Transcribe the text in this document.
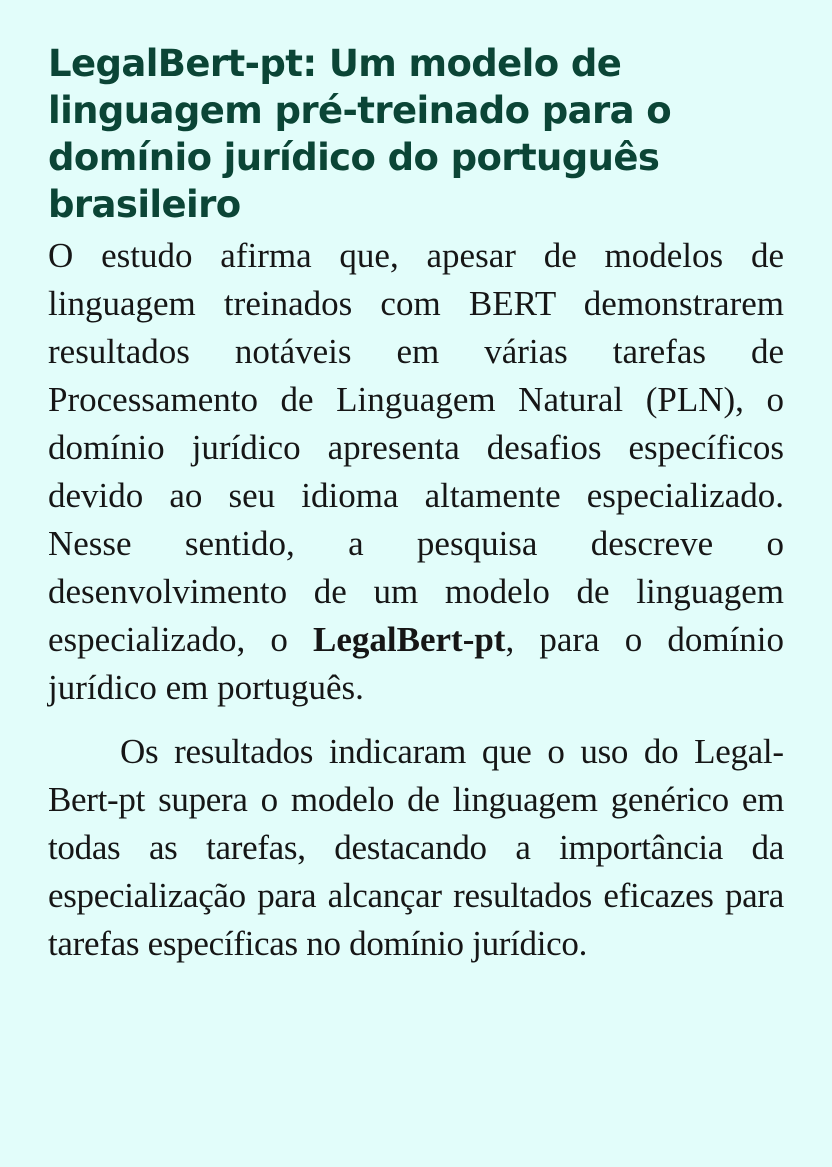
LegalBert-pt: Um modelo de linguagem pré-treinado para o domínio jurídico do português brasileiro

O estudo afirma que, apesar de modelos de linguagem treinados com BERT demonstrarem resultados notáveis em várias tarefas de Processamento de Linguagem Natural (PLN), o domínio jurídico apresenta desafios específicos devido ao seu idioma altamente especializado. Nesse sentido, a pesquisa descreve o desenvolvimento de um modelo de linguagem especializado, o LegalBert-pt, para o domínio jurídico em português.

Os resultados indicaram que o uso do LegalBert-pt supera o modelo de linguagem genérico em todas as tarefas, destacando a importância da especialização para alcançar resultados eficazes para tarefas específicas no domínio jurídico.
